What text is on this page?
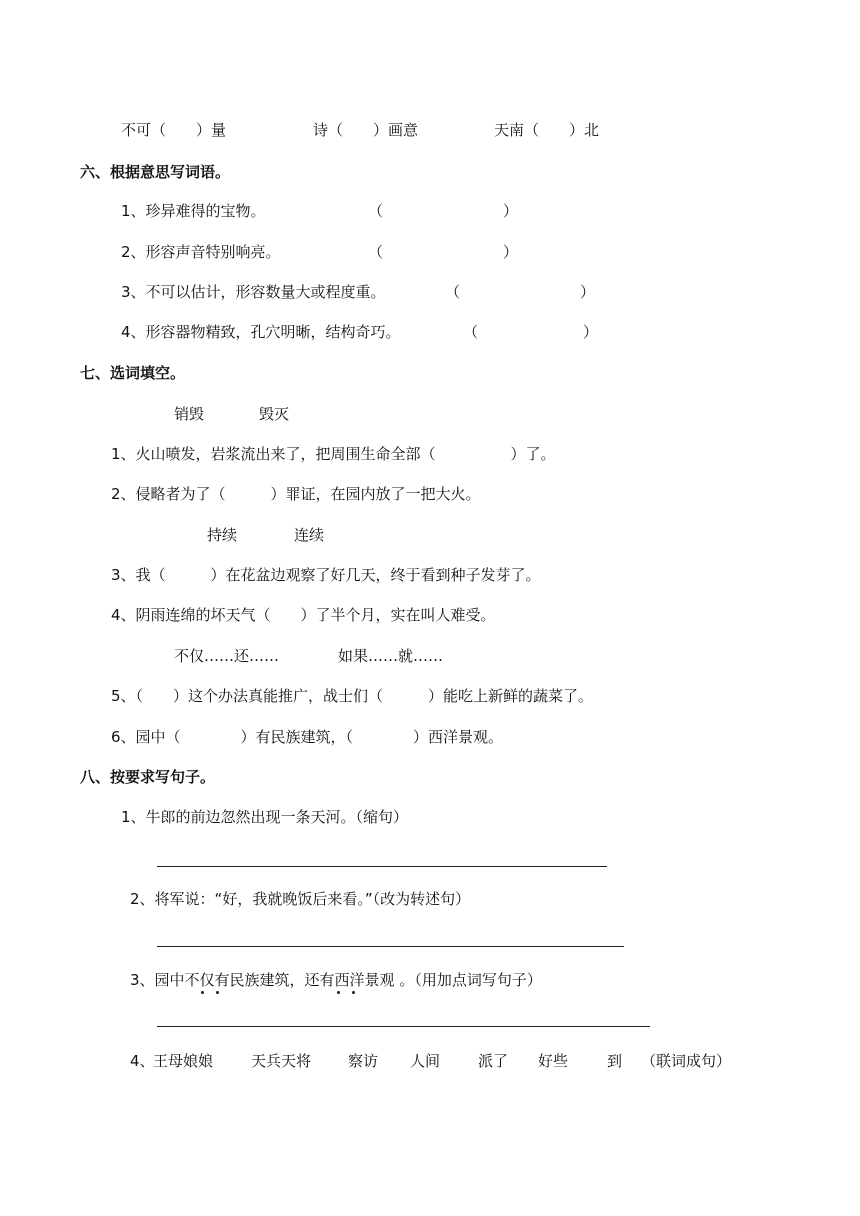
不可（　　）量	诗（　　）画意	天南（　　）北
六、根据意思写词语。
1、珍异难得的宝物。	（　　　　　　　　）
2、形容声音特别响亮。	（　　　　　　　　）
3、不可以估计，形容数量大或程度重。	（　　　　　　　　）
4、形容器物精致，孔穴明晰，结构奇巧。	（　　　　　　　）
七、选词填空。
销毁	毁灭
1、火山喷发，岩浆流出来了，把周围生命全部（　　　　　）了。
2、侵略者为了（　　　）罪证，在园内放了一把大火。
持续	连续
3、我（　　　）在花盆边观察了好几天，终于看到种子发芽了。
4、阴雨连绵的坏天气（　　）了半个月，实在叫人难受。
不仅……还……	如果……就……
5、（　　）这个办法真能推广，战士们（　　　）能吃上新鲜的蔬菜了。
6、园中（　　　　）有民族建筑，（　　　　）西洋景观。
八、按要求写句子。
1、牛郎的前边忽然出现一条天河。（缩句）
2、将军说：“好，我就晚饭后来看。”（改为转述句）
3、园中不仅有民族建筑，还有西洋景观 。（用加点词写句子）
4、
王母娘娘	天兵天将 察访 人间	派了 好些	到 （联词成句）
